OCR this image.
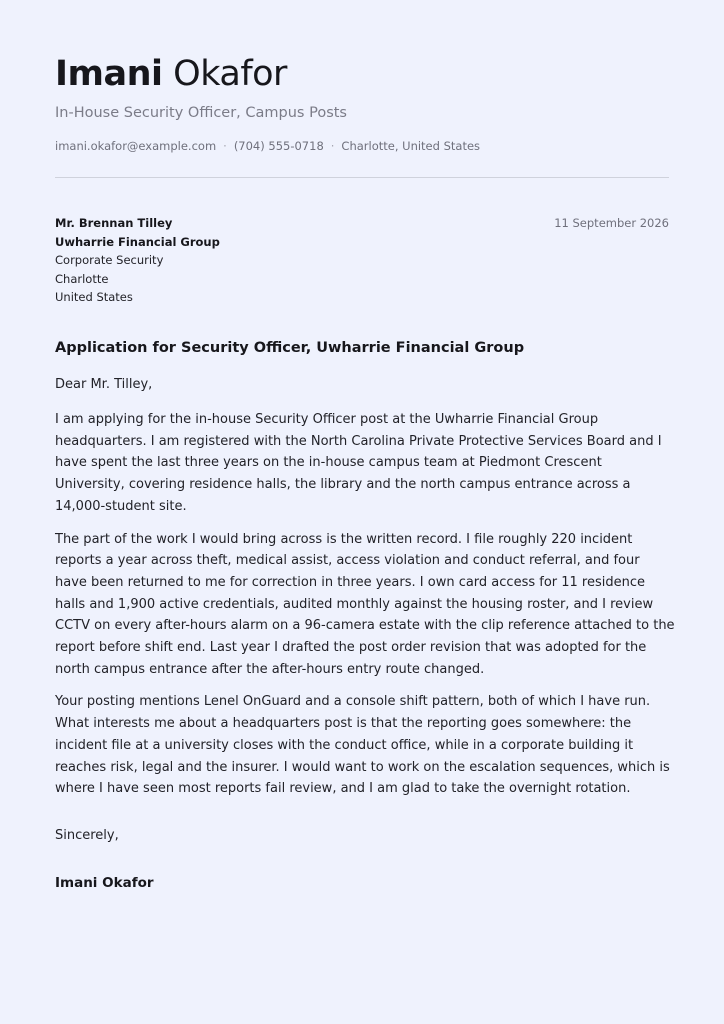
Imani Okafor
In-House Security Officer, Campus Posts
imani.okafor@example.com · (704) 555-0718 · Charlotte, United States
Mr. Brennan Tilley
Uwharrie Financial Group
Corporate Security
Charlotte
United States
11 September 2026
Application for Security Officer, Uwharrie Financial Group
Dear Mr. Tilley,

I am applying for the in-house Security Officer post at the Uwharrie Financial Group headquarters. I am registered with the North Carolina Private Protective Services Board and I have spent the last three years on the in-house campus team at Piedmont Crescent University, covering residence halls, the library and the north campus entrance across a 14,000-student site.

The part of the work I would bring across is the written record. I file roughly 220 incident reports a year across theft, medical assist, access violation and conduct referral, and four have been returned to me for correction in three years. I own card access for 11 residence halls and 1,900 active credentials, audited monthly against the housing roster, and I review CCTV on every after-hours alarm on a 96-camera estate with the clip reference attached to the report before shift end. Last year I drafted the post order revision that was adopted for the north campus entrance after the after-hours entry route changed.

Your posting mentions Lenel OnGuard and a console shift pattern, both of which I have run. What interests me about a headquarters post is that the reporting goes somewhere: the incident file at a university closes with the conduct office, while in a corporate building it reaches risk, legal and the insurer. I would want to work on the escalation sequences, which is where I have seen most reports fail review, and I am glad to take the overnight rotation.

Sincerely,
Imani Okafor
